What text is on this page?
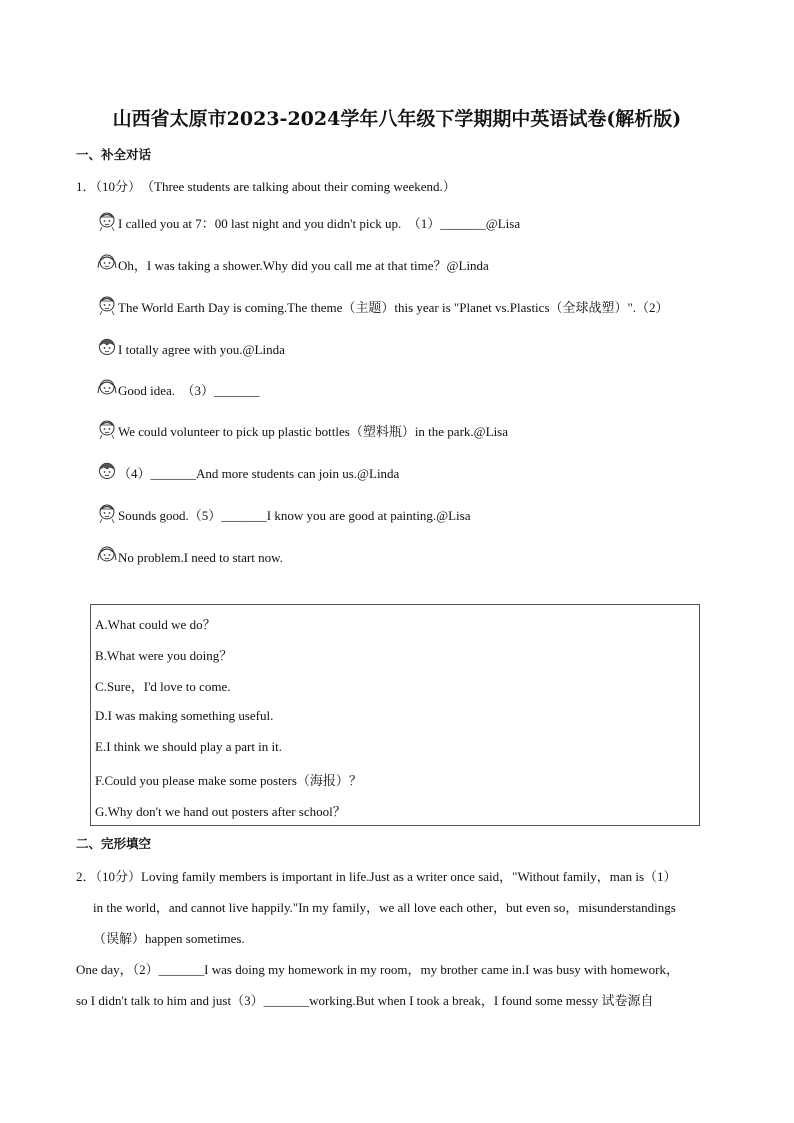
山西省太原市2023-2024学年八年级下学期期中英语试卷(解析版)
一、补全对话
1．（10分）　（Three students are talking about their coming weekend.）
I called you at 7：00 last night and you didn't pick up.　（1）_______@Lisa
Oh，I was taking a shower.Why did you call me at that time？@Linda
The World Earth Day is coming.The theme（主题）this year is "Planet vs.Plastics（全球战塑）".（2）
I totally agree with you.@Linda
Good idea.　（3）_______
We could volunteer to pick up plastic bottles（塑料瓶）in the park.@Lisa
（4）_______And more students can join us.@Linda
Sounds good.（5）_______I know you are good at painting.@Lisa
No problem.I need to start now.
A.What could we do？
B.What were you doing？
C.Sure，I'd love to come.
D.I was making something useful.
E.I think we should play a part in it.
F.Could you please make some posters（海报）？
G.Why don't we hand out posters after school？
二、完形填空
2．（10分）Loving family members is important in life.Just as a writer once said，"Without family，man is（1）
in the world，and cannot live happily."In my family，we all love each other，but even so，misunderstandings
（误解）happen sometimes.
One day，（2）_______I was doing my homework in my room，my brother came in.I was busy with homework，
so I didn't talk to him and just（3）_______working.But when I took a break，I found some messy 试卷源自
